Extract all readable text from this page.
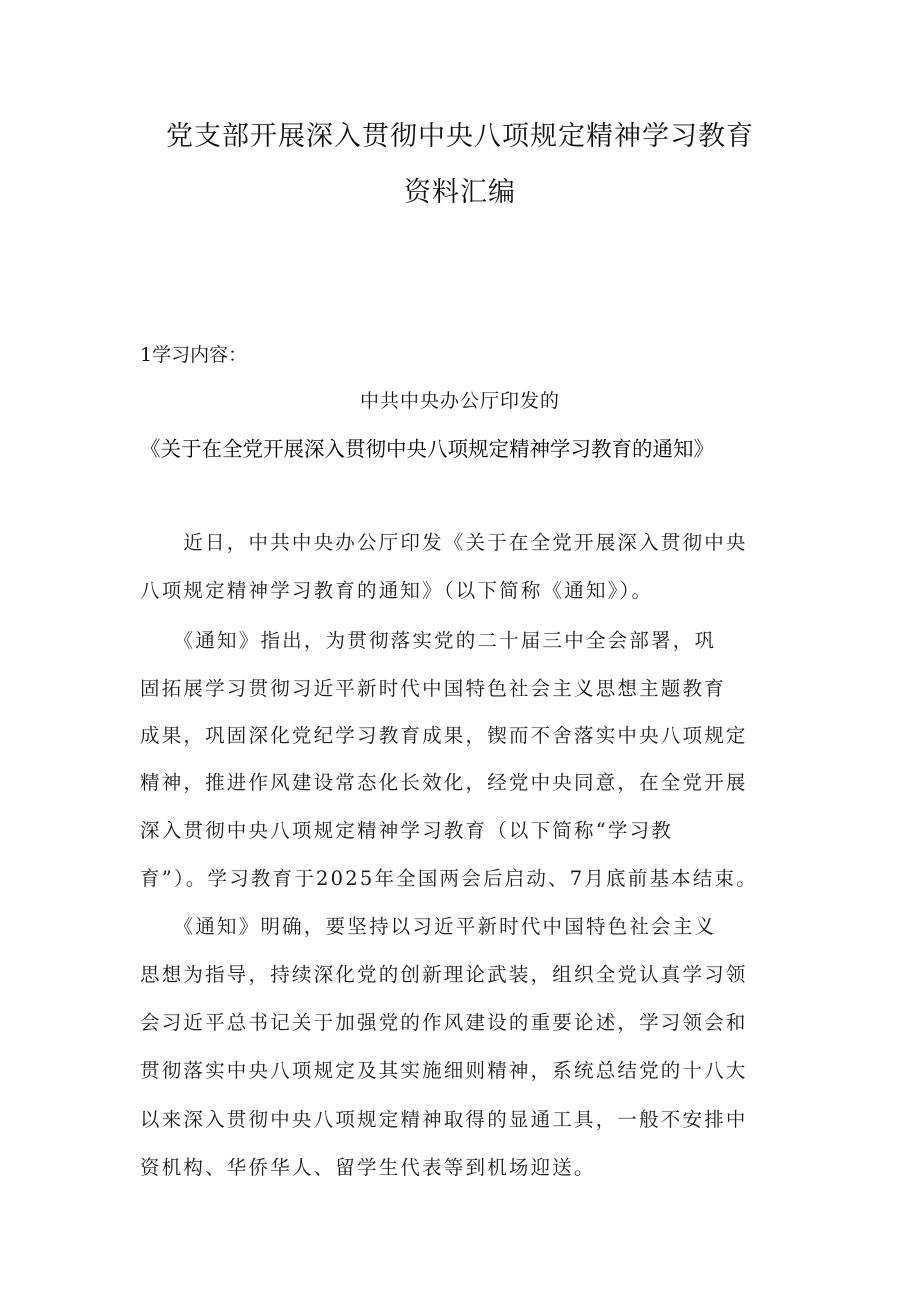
党支部开展深入贯彻中央八项规定精神学习教育
资料汇编
1学习内容：
中共中央办公厅印发的
《关于在全党开展深入贯彻中央八项规定精神学习教育的通知》
　　近日，中共中央办公厅印发《关于在全党开展深入贯彻中央
八项规定精神学习教育的通知》（以下简称《通知》）。
　　《通知》指出，为贯彻落实党的二十届三中全会部署，巩
固拓展学习贯彻习近平新时代中国特色社会主义思想主题教育
成果，巩固深化党纪学习教育成果，锲而不舍落实中央八项规定
精神，推进作风建设常态化长效化，经党中央同意，在全党开展
深入贯彻中央八项规定精神学习教育（以下简称“学习教
育”）。学习教育于2025年全国两会后启动、7月底前基本结束。
　　《通知》明确，要坚持以习近平新时代中国特色社会主义
思想为指导，持续深化党的创新理论武装，组织全党认真学习领
会习近平总书记关于加强党的作风建设的重要论述，学习领会和
贯彻落实中央八项规定及其实施细则精神，系统总结党的十八大
以来深入贯彻中央八项规定精神取得的显通工具，一般不安排中
资机构、华侨华人、留学生代表等到机场迎送。
